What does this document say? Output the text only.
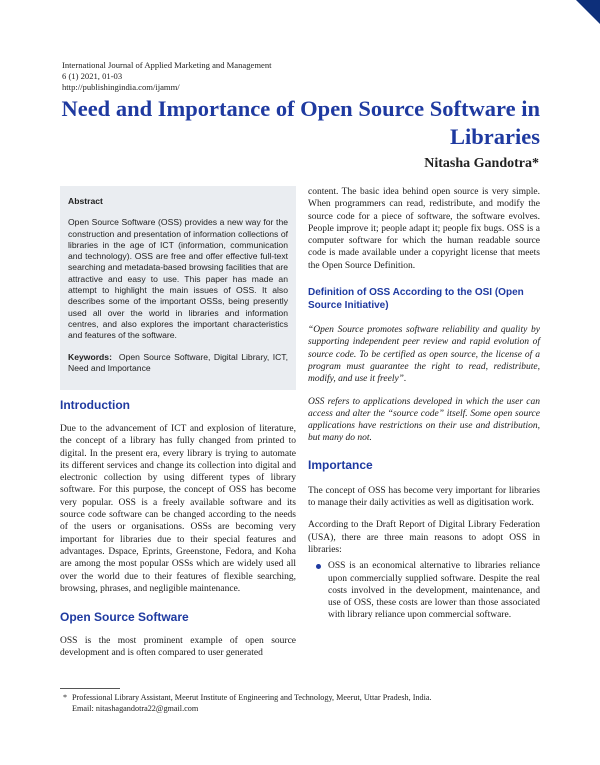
International Journal of Applied Marketing and Management
6 (1) 2021, 01-03
http://publishingindia.com/ijamm/
Need and Importance of Open Source Software in Libraries
Nitasha Gandotra*
Abstract
Open Source Software (OSS) provides a new way for the construction and presentation of information collections of libraries in the age of ICT (information, communication and technology). OSS are free and offer effective full-text searching and metadata-based browsing facilities that are attractive and easy to use. This paper has made an attempt to highlight the main issues of OSS. It also describes some of the important OSSs, being presently used all over the world in libraries and information centres, and also explores the important characteristics and features of the software.
Keywords: Open Source Software, Digital Library, ICT, Need and Importance
Introduction

Due to the advancement of ICT and explosion of literature, the concept of a library has fully changed from printed to digital. In the present era, every library is trying to automate its different services and change its collection into digital and electronic collection by using different types of library software. For this purpose, the concept of OSS has become very popular. OSS is a freely available software and its source code software can be changed according to the needs of the users or organisations. OSSs are becoming very important for libraries due to their special features and advantages. Dspace, Eprints, Greenstone, Fedora, and Koha are among the most popular OSSs which are widely used all over the world due to their features of flexible searching, browsing, phrases, and negligible maintenance.

Open Source Software

OSS is the most prominent example of open source development and is often compared to user generated

content. The basic idea behind open source is very simple. When programmers can read, redistribute, and modify the source code for a piece of software, the software evolves. People improve it; people adapt it; people fix bugs. OSS is a computer software for which the human readable source code is made available under a copyright license that meets the Open Source Definition.

Definition of OSS According to the OSI (Open Source Initiative)

“Open Source promotes software reliability and quality by supporting independent peer review and rapid evolution of source code. To be certified as open source, the license of a program must guarantee the right to read, redistribute, modify, and use it freely”.

OSS refers to applications developed in which the user can access and alter the “source code” itself. Some open source applications have restrictions on their use and distribution, but many do not.

Importance

The concept of OSS has become very important for libraries to manage their daily activities as well as digitisation work.

According to the Draft Report of Digital Library Federation (USA), there are three main reasons to adopt OSS in libraries:

OSS is an economical alternative to libraries reliance upon commercially supplied software. Despite the real costs involved in the development, maintenance, and use of OSS, these costs are lower than those associated with library reliance upon commercial software.
* Professional Library Assistant, Meerut Institute of Engineering and Technology, Meerut, Uttar Pradesh, India.
Email: nitashagandotra22@gmail.com
